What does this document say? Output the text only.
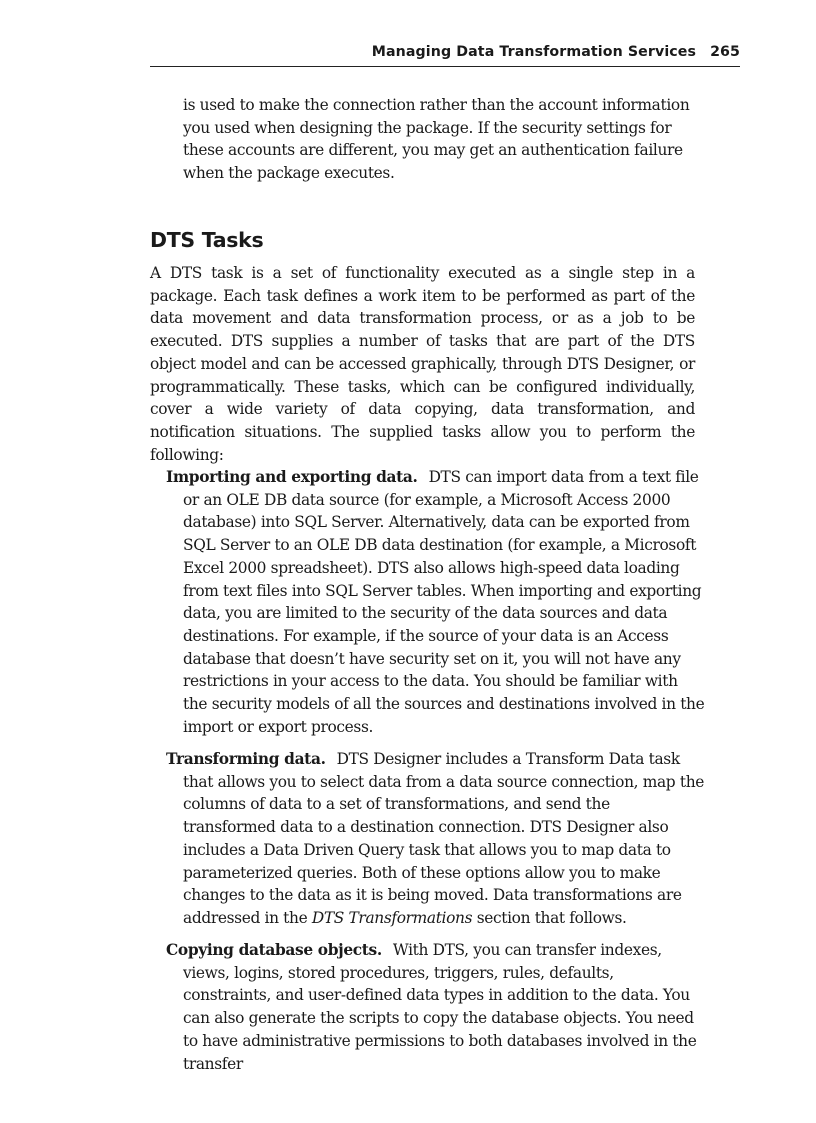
Managing Data Transformation Services 265

is used to make the connection rather than the account information you used when designing the package. If the security settings for these accounts are different, you may get an authentication failure when the package executes.

DTS Tasks

A DTS task is a set of functionality executed as a single step in a package. Each task defines a work item to be performed as part of the data movement and data transformation process, or as a job to be executed. DTS supplies a number of tasks that are part of the DTS object model and can be accessed graphically, through DTS Designer, or programmatically. These tasks, which can be configured individually, cover a wide variety of data copying, data transformation, and notification situations. The supplied tasks allow you to perform the following:

Importing and exporting data. DTS can import data from a text file or an OLE DB data source (for example, a Microsoft Access 2000 database) into SQL Server. Alternatively, data can be exported from SQL Server to an OLE DB data destination (for example, a Microsoft Excel 2000 spreadsheet). DTS also allows high-speed data loading from text files into SQL Server tables. When importing and exporting data, you are limited to the security of the data sources and data destinations. For example, if the source of your data is an Access database that doesn’t have security set on it, you will not have any restrictions in your access to the data. You should be familiar with the security models of all the sources and destinations involved in the import or export process.

Transforming data. DTS Designer includes a Transform Data task that allows you to select data from a data source connection, map the columns of data to a set of transformations, and send the transformed data to a destination connection. DTS Designer also includes a Data Driven Query task that allows you to map data to parameterized queries. Both of these options allow you to make changes to the data as it is being moved. Data transformations are addressed in the DTS Transformations section that follows.

Copying database objects. With DTS, you can transfer indexes, views, logins, stored procedures, triggers, rules, defaults, constraints, and user-defined data types in addition to the data. You can also generate the scripts to copy the database objects. You need to have administrative permissions to both databases involved in the transfer
